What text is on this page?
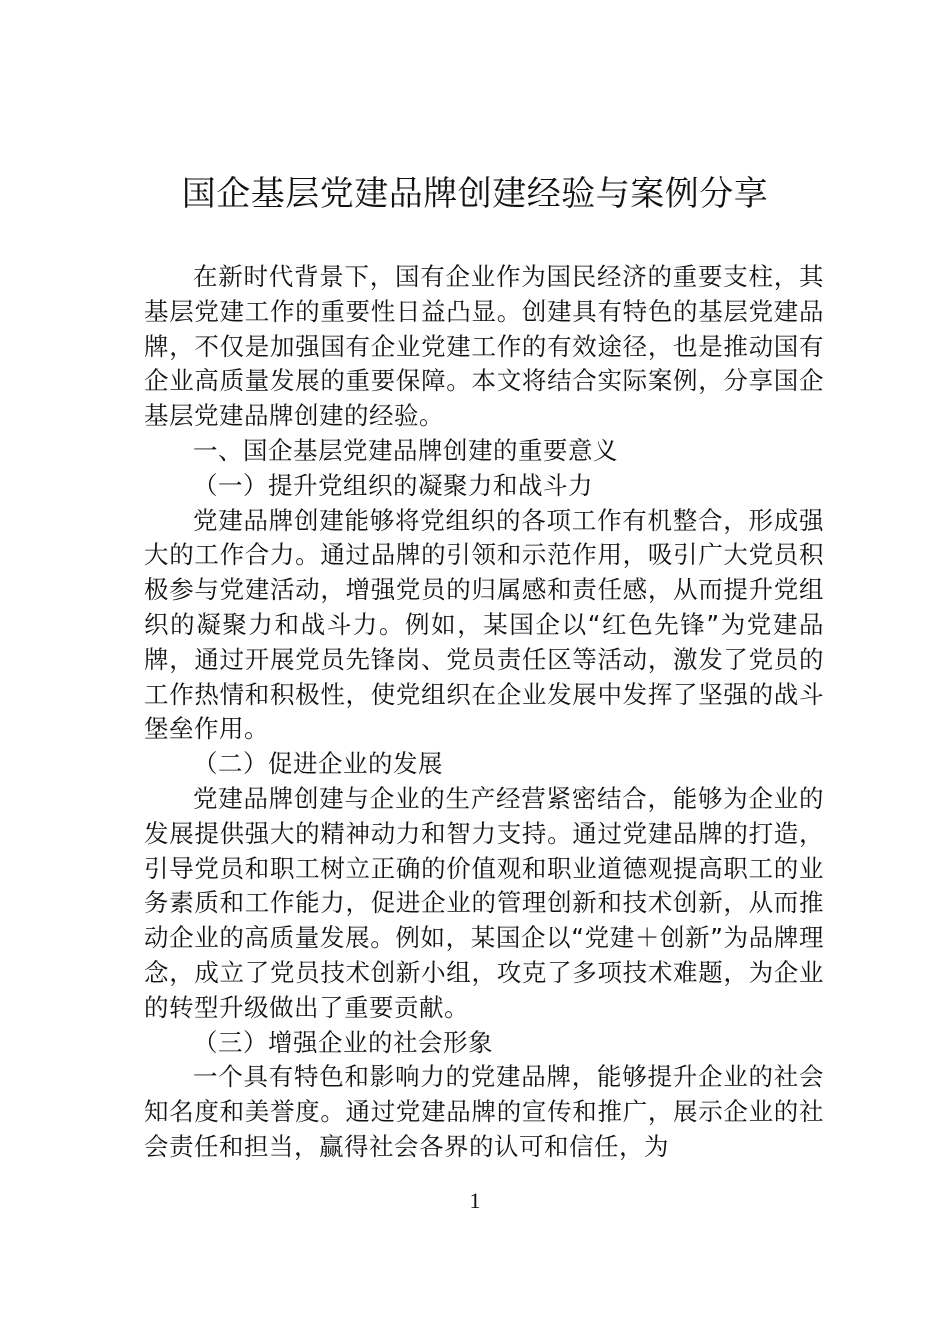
国企基层党建品牌创建经验与案例分享

在新时代背景下，国有企业作为国民经济的重要支柱，其基层党建工作的重要性日益凸显。创建具有特色的基层党建品牌，不仅是加强国有企业党建工作的有效途径，也是推动国有企业高质量发展的重要保障。本文将结合实际案例，分享国企基层党建品牌创建的经验。

一、国企基层党建品牌创建的重要意义

（一）提升党组织的凝聚力和战斗力

党建品牌创建能够将党组织的各项工作有机整合，形成强大的工作合力。通过品牌的引领和示范作用，吸引广大党员积极参与党建活动，增强党员的归属感和责任感，从而提升党组织的凝聚力和战斗力。例如，某国企以“红色先锋”为党建品牌，通过开展党员先锋岗、党员责任区等活动，激发了党员的工作热情和积极性，使党组织在企业发展中发挥了坚强的战斗堡垒作用。

（二）促进企业的发展

党建品牌创建与企业的生产经营紧密结合，能够为企业的发展提供强大的精神动力和智力支持。通过党建品牌的打造，引导党员和职工树立正确的价值观和职业道德观提高职工的业务素质和工作能力，促进企业的管理创新和技术创新，从而推动企业的高质量发展。例如，某国企以“党建＋创新”为品牌理念，成立了党员技术创新小组，攻克了多项技术难题，为企业的转型升级做出了重要贡献。

（三）增强企业的社会形象

一个具有特色和影响力的党建品牌，能够提升企业的社会知名度和美誉度。通过党建品牌的宣传和推广，展示企业的社会责任和担当，赢得社会各界的认可和信任，为

1
